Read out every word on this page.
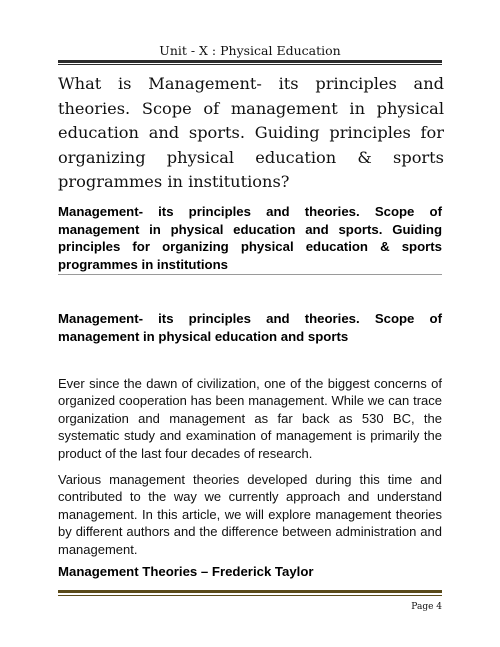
Unit - X : Physical Education
What is Management- its principles and theories. Scope of management in physical education and sports. Guiding principles for organizing physical education & sports programmes in institutions?
Management- its principles and theories. Scope of management in physical education and sports. Guiding principles for organizing physical education & sports programmes in institutions
Management- its principles and theories. Scope of management in physical education and sports
Ever since the dawn of civilization, one of the biggest concerns of organized cooperation has been management. While we can trace organization and management as far back as 530 BC, the systematic study and examination of management is primarily the product of the last four decades of research.
Various management theories developed during this time and contributed to the way we currently approach and understand management. In this article, we will explore management theories by different authors and the difference between administration and management.
Management Theories – Frederick Taylor
Page 4
